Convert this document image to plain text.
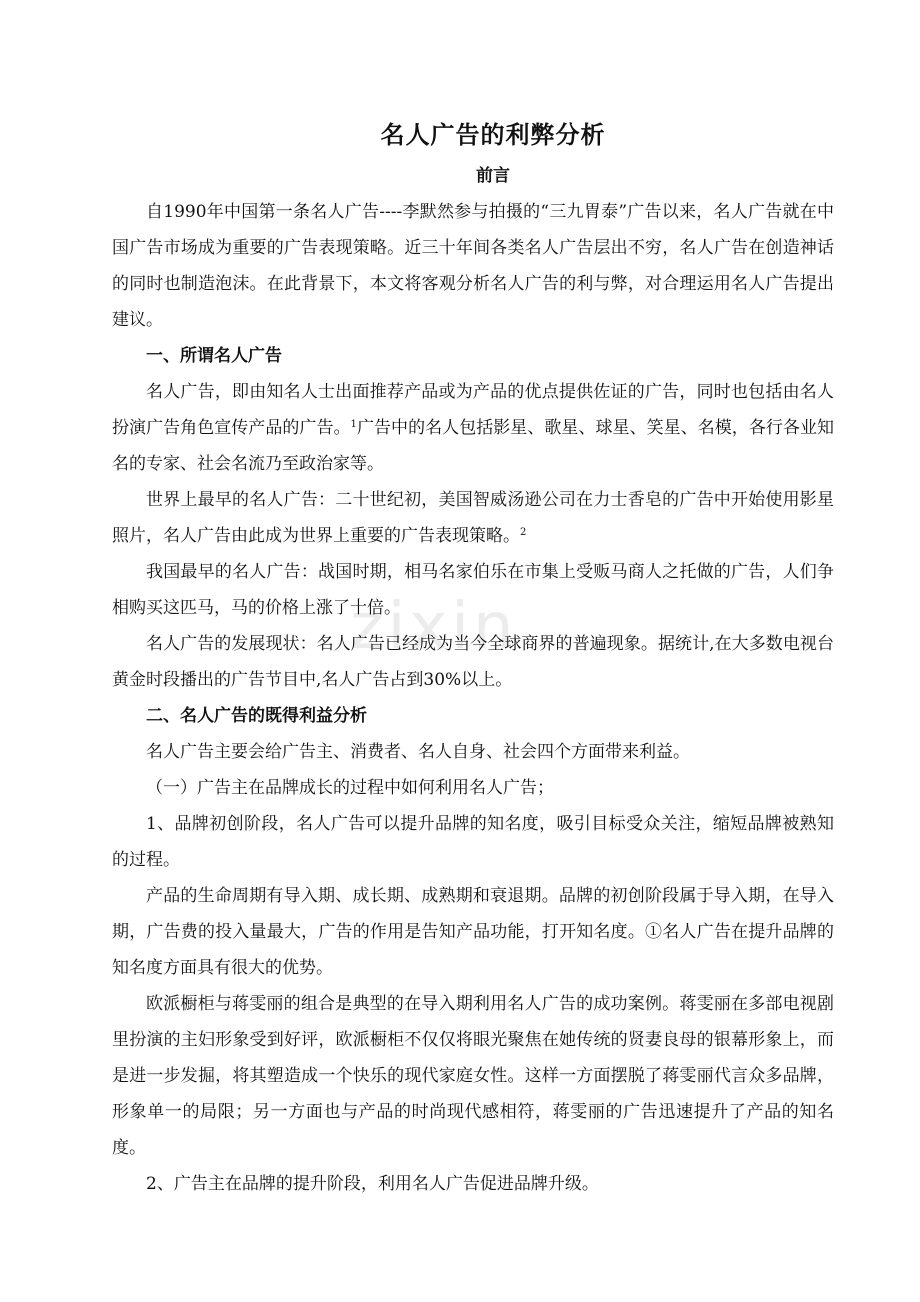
zixin
名人广告的利弊分析
前言

自1990年中国第一条名人广告----李默然参与拍摄的“三九胃泰”广告以来，名人广告就在中国广告市场成为重要的广告表现策略。近三十年间各类名人广告层出不穷，名人广告在创造神话的同时也制造泡沫。在此背景下，本文将客观分析名人广告的利与弊，对合理运用名人广告提出建议。

一、所谓名人广告

名人广告，即由知名人士出面推荐产品或为产品的优点提供佐证的广告，同时也包括由名人扮演广告角色宣传产品的广告。$^1$广告中的名人包括影星、歌星、球星、笑星、名模，各行各业知名的专家、社会名流乃至政治家等。

世界上最早的名人广告：二十世纪初，美国智威汤逊公司在力士香皂的广告中开始使用影星照片，名人广告由此成为世界上重要的广告表现策略。$^2$

我国最早的名人广告：战国时期，相马名家伯乐在市集上受贩马商人之托做的广告，人们争相购买这匹马，马的价格上涨了十倍。

名人广告的发展现状：名人广告已经成为当今全球商界的普遍现象。据统计,在大多数电视台黄金时段播出的广告节目中,名人广告占到30%以上。

二、名人广告的既得利益分析

名人广告主要会给广告主、消费者、名人自身、社会四个方面带来利益。

（一）广告主在品牌成长的过程中如何利用名人广告；

1、品牌初创阶段，名人广告可以提升品牌的知名度，吸引目标受众关注，缩短品牌被熟知的过程。

产品的生命周期有导入期、成长期、成熟期和衰退期。品牌的初创阶段属于导入期，在导入期，广告费的投入量最大，广告的作用是告知产品功能，打开知名度。①名人广告在提升品牌的知名度方面具有很大的优势。

欧派橱柜与蒋雯丽的组合是典型的在导入期利用名人广告的成功案例。蒋雯丽在多部电视剧里扮演的主妇形象受到好评，欧派橱柜不仅仅将眼光聚焦在她传统的贤妻良母的银幕形象上，而是进一步发掘，将其塑造成一个快乐的现代家庭女性。这样一方面摆脱了蒋雯丽代言众多品牌，形象单一的局限；另一方面也与产品的时尚现代感相符，蒋雯丽的广告迅速提升了产品的知名度。

2、广告主在品牌的提升阶段，利用名人广告促进品牌升级。
